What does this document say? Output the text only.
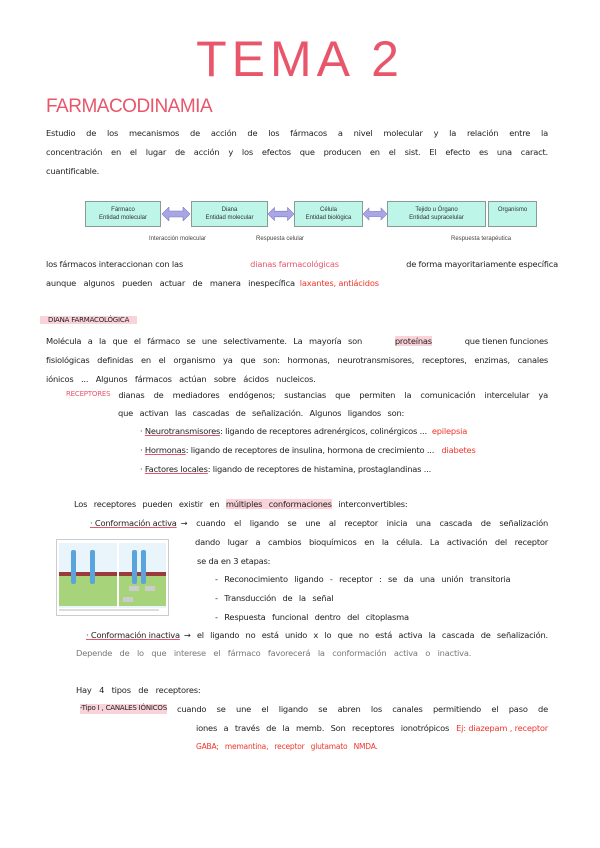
TEMA 2
FARMACODINAMIA
Estudio de los mecanismos de acción de los fármacos a nivel molecular y la relación entre la
concentración en el lugar de acción y los efectos que producen en el sist. El efecto es una caract.
cuantificable.
Fármaco
Entidad molecular
Diana
Entidad molecular
Célula
Entidad biológica
Tejido u Órgano
Entidad supracelular
Organismo
Interacción molecular	Respuesta celular	Respuesta terapéutica
los fármacos interaccionan con las	dianas farmacológicas	de forma mayoritariamente específica
aunque algunos pueden actuar de manera inespecífica laxantes, antiácidos
DIANA FARMACOLÓGICA
Molécula a la que el fármaco se une selectivamente. La mayoría son	proteínas	que tienen funciones
fisiológicas definidas en el organismo ya que son: hormonas, neurotransmisores, receptores, enzimas, canales
iónicos ... Algunos fármacos actúan sobre ácidos nucleicos.
RECEPTORES dianas de mediadores endógenos; sustancias que permiten la comunicación intercelular ya
que activan las cascadas de señalización. Algunos ligandos son:
· Neurotransmisores: ligando de receptores adrenérgicos, colinérgicos ... epilepsia
· Hormonas: ligando de receptores de insulina, hormona de crecimiento ... diabetes
· Factores locales: ligando de receptores de histamina, prostaglandinas ...
Los receptores pueden existir en múltiples conformaciones interconvertibles:
· Conformación activa → cuando el ligando se une al receptor inicia una cascada de señalización
dando lugar a cambios bioquímicos en la célula. La activación del receptor
se da en 3 etapas:
- Reconocimiento ligando - receptor : se da una unión transitoria
- Transducción de la señal
- Respuesta funcional dentro del citoplasma
· Conformación inactiva → el ligando no está unido x lo que no está activa la cascada de señalización.
Depende de lo que interese el fármaco favorecerá la conformación activa o inactiva.
Hay 4 tipos de receptores:
-Tipo I , CANALES IÓNICOS cuando se une el ligando se abren los canales permitiendo el paso de
iones a través de la memb. Son receptores ionotrópicos Ej: diazepam , receptor
GABA; memantina, receptor glutamato NMDA.
